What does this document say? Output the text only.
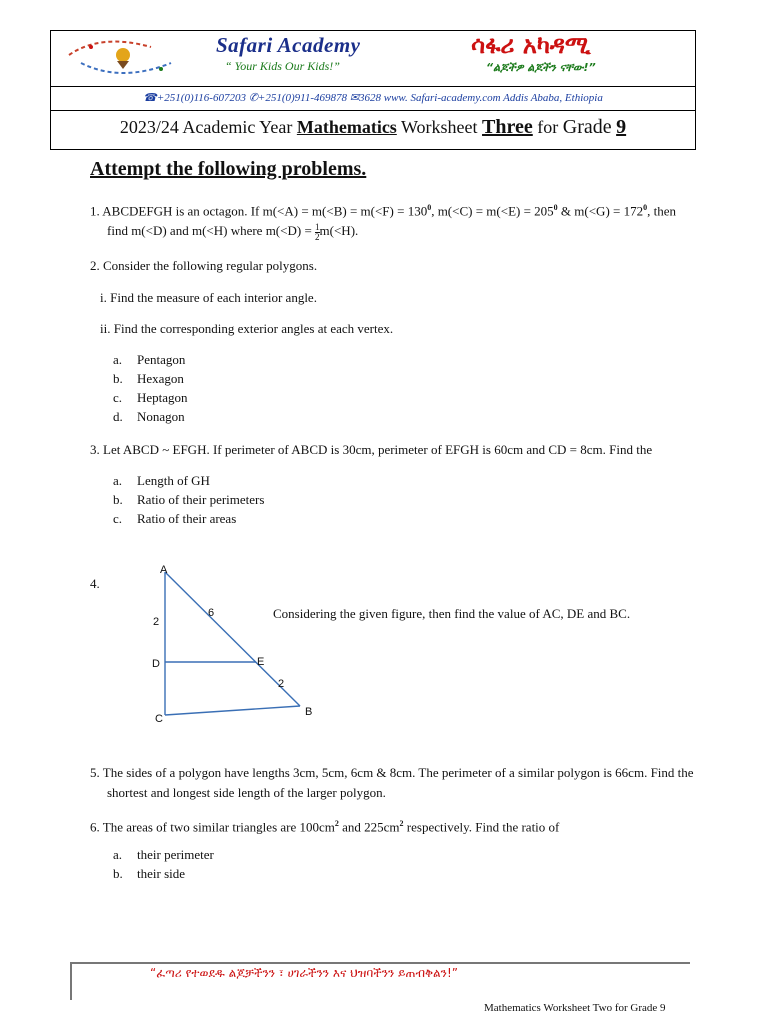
Safari Academy
“ Your Kids Our Kids!”
ሳፋሪ አካዳሚ
“ልጆችዎ ልጆችን ናቸው!”
☎+251(0)116-607203 ✆+251(0)911-469878 ✉3628 www. Safari-academy.com Addis Ababa, Ethiopia
2023/24 Academic Year Mathematics Worksheet Three for Grade 9
Attempt the following problems.
1. ABCDEFGH is an octagon. If $m(<A) = m(<B) = m(<F) = 130^0$, $m(<C) = m(<E) = 205^0$ & $m(<G) = 172^0$, then
find m(<D) and m(<H) where $m(<D) = \frac{1}{2} m(<H)$.
2. Consider the following regular polygons.
i. Find the measure of each interior angle.
ii. Find the corresponding exterior angles at each vertex.
a. Pentagon
b. Hexagon
c. Heptagon
d. Nonagon
3. Let ABCD ~ EFGH. If perimeter of ABCD is 30cm, perimeter of EFGH is 60cm and CD = 8cm. Find the
a. Length of GH
b. Ratio of their perimeters
c. Ratio of their areas
4.
Considering the given figure, then find the value of AC, DE and BC.
A
D
C
E
B
2
6
2
5. The sides of a polygon have lengths 3cm, 5cm, 6cm & 8cm. The perimeter of a similar polygon is 66cm. Find the
shortest and longest side length of the larger polygon.
6. The areas of two similar triangles are $100cm^2$ and $225cm^2$ respectively. Find the ratio of
a. their perimeter
b. their side
“ፈጣሪ የተወደዱ ልጆቻችንን ፣ ሀገራችንን እና ህዝባችንን ይጠብቅልን!”
Mathematics Worksheet Two for Grade 9
